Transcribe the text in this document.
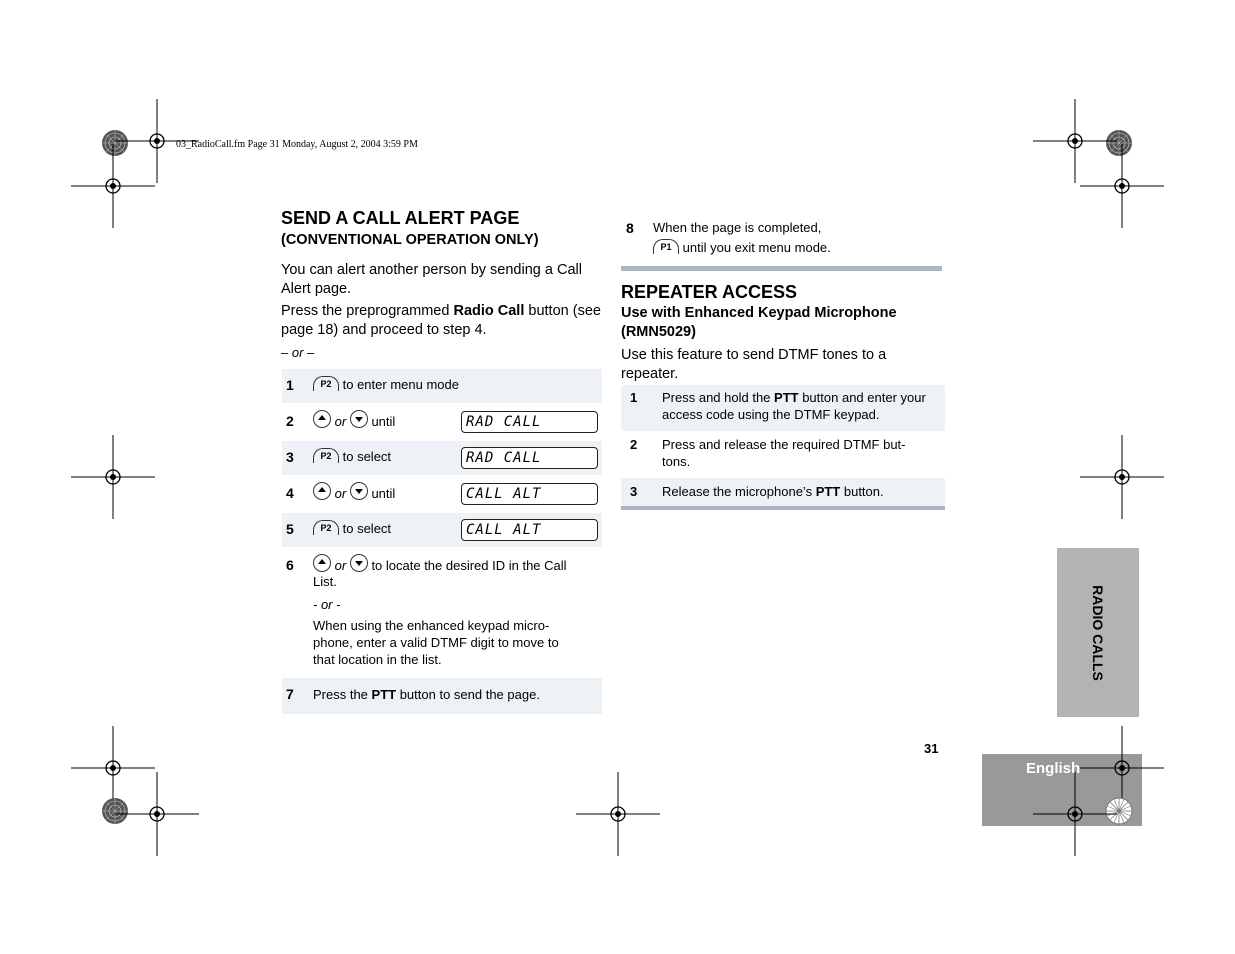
03_RadioCall.fm Page 31 Monday, August 2, 2004 3:59 PM
SEND A CALL ALERT PAGE
(CONVENTIONAL OPERATION ONLY)
You can alert another person by sending a Call Alert page.
Press the preprogrammed Radio Call button (see page 18) and proceed to step 4.
– or –
1	P2 to enter menu mode
2	or until	RAD CALL
3	P2 to select	RAD CALL
4	or until	CALL ALT
5	P2 to select	CALL ALT
6	or to locate the desired ID in the Call
List.
- or -
When using the enhanced keypad micro-
phone, enter a valid DTMF digit to move to
that location in the list.
7 Press the PTT button to send the page.
8 When the page is completed,
P1 until you exit menu mode.
REPEATER ACCESS
Use with Enhanced Keypad Microphone
(RMN5029)
Use this feature to send DTMF tones to a repeater.
1 Press and hold the PTT button and enter your access code using the DTMF keypad.
2 Press and release the required DTMF but-tons.
3 Release the microphone’s PTT button.
RADIO CALLS
31
English
